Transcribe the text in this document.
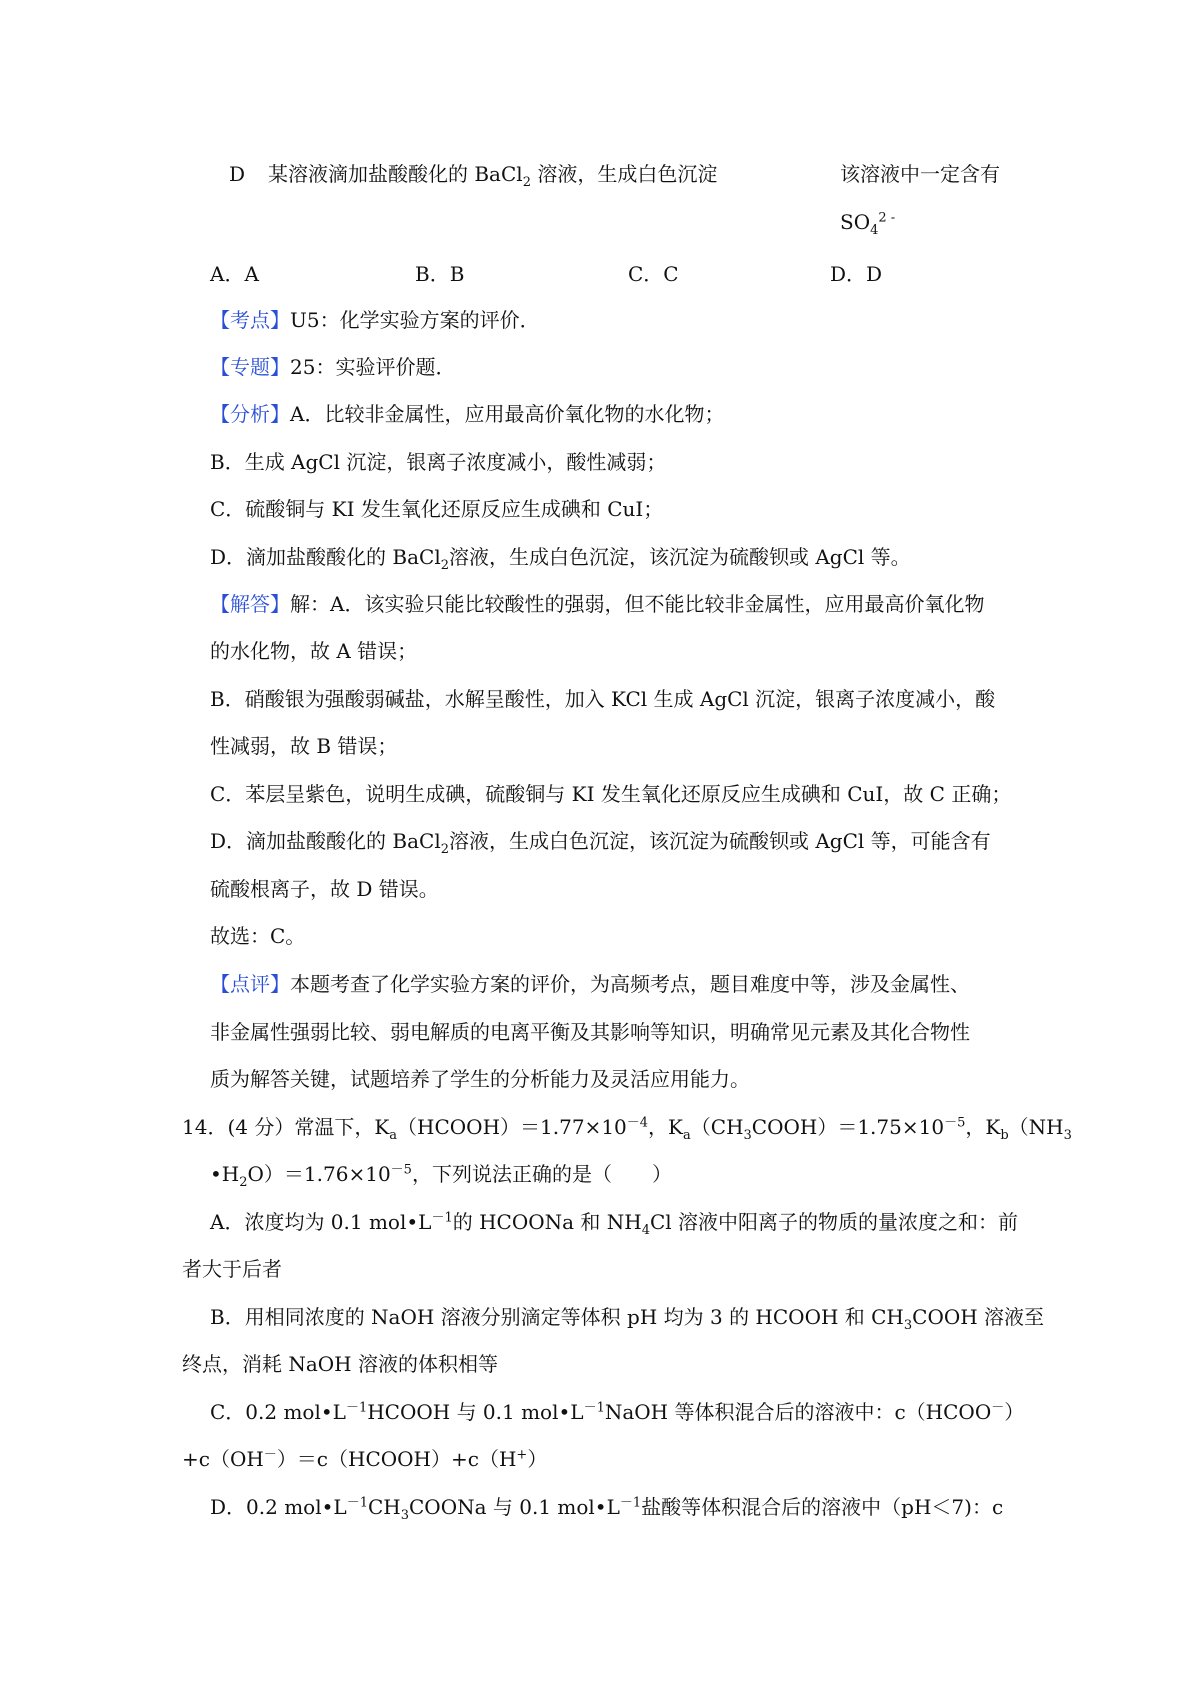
D 某溶液滴加盐酸酸化的 BaCl$_2$ 溶液，生成白色沉淀	该溶液中一定含有
$SO_4^{2 -}$
A．A	B．B	C．C	D．D
【考点】U5：化学实验方案的评价．
【专题】25：实验评价题．
【分析】A．比较非金属性，应用最高价氧化物的水化物；
B．生成 AgCl 沉淀，银离子浓度减小，酸性减弱；
C．硫酸铜与 KI 发生氧化还原反应生成碘和 CuI；
D．滴加盐酸酸化的 BaCl$_2$溶液，生成白色沉淀，该沉淀为硫酸钡或 AgCl 等。
【解答】解：A．该实验只能比较酸性的强弱，但不能比较非金属性，应用最高价氧化物
的水化物，故 A 错误；
B．硝酸银为强酸弱碱盐，水解呈酸性，加入 KCl 生成 AgCl 沉淀，银离子浓度减小，酸
性减弱，故 B 错误；
C．苯层呈紫色，说明生成碘，硫酸铜与 KI 发生氧化还原反应生成碘和 CuI，故 C 正确；
D．滴加盐酸酸化的 BaCl$_2$溶液，生成白色沉淀，该沉淀为硫酸钡或 AgCl 等，可能含有
硫酸根离子，故 D 错误。
故选：C。
【点评】本题考查了化学实验方案的评价，为高频考点，题目难度中等，涉及金属性、
非金属性强弱比较、弱电解质的电离平衡及其影响等知识，明确常见元素及其化合物性
质为解答关键，试题培养了学生的分析能力及灵活应用能力。
14．(4 分）常温下，$K_a(HCOOH)=1.77\times 10^{-4}$，$K_a(CH_3COOH)=1.75\times 10^{-5}$，$K_b(NH_3$
$•H_2O)=1.76\times 10^{-5}$，下列说法正确的是（　　）
A．浓度均为 0.1 $mol•L^{-1}$的 HCOONa 和 $NH_4Cl$ 溶液中阳离子的物质的量浓度之和：前
者大于后者
B．用相同浓度的 NaOH 溶液分别滴定等体积 pH 均为 3 的 HCOOH 和 $CH_3COOH$ 溶液至
终点，消耗 NaOH 溶液的体积相等
C．0.2 $mol•L^{-1}HCOOH$ 与 0.1 $mol•L^{-1}NaOH$ 等体积混合后的溶液中：c（HCOO－）
+c（OH－）＝c（HCOOH）+c（H+）
D．0.2 $mol•L^{-1}CH_3COONa$ 与 0.1 $mol•L^{-1}$盐酸等体积混合后的溶液中（pH＜7)：c
